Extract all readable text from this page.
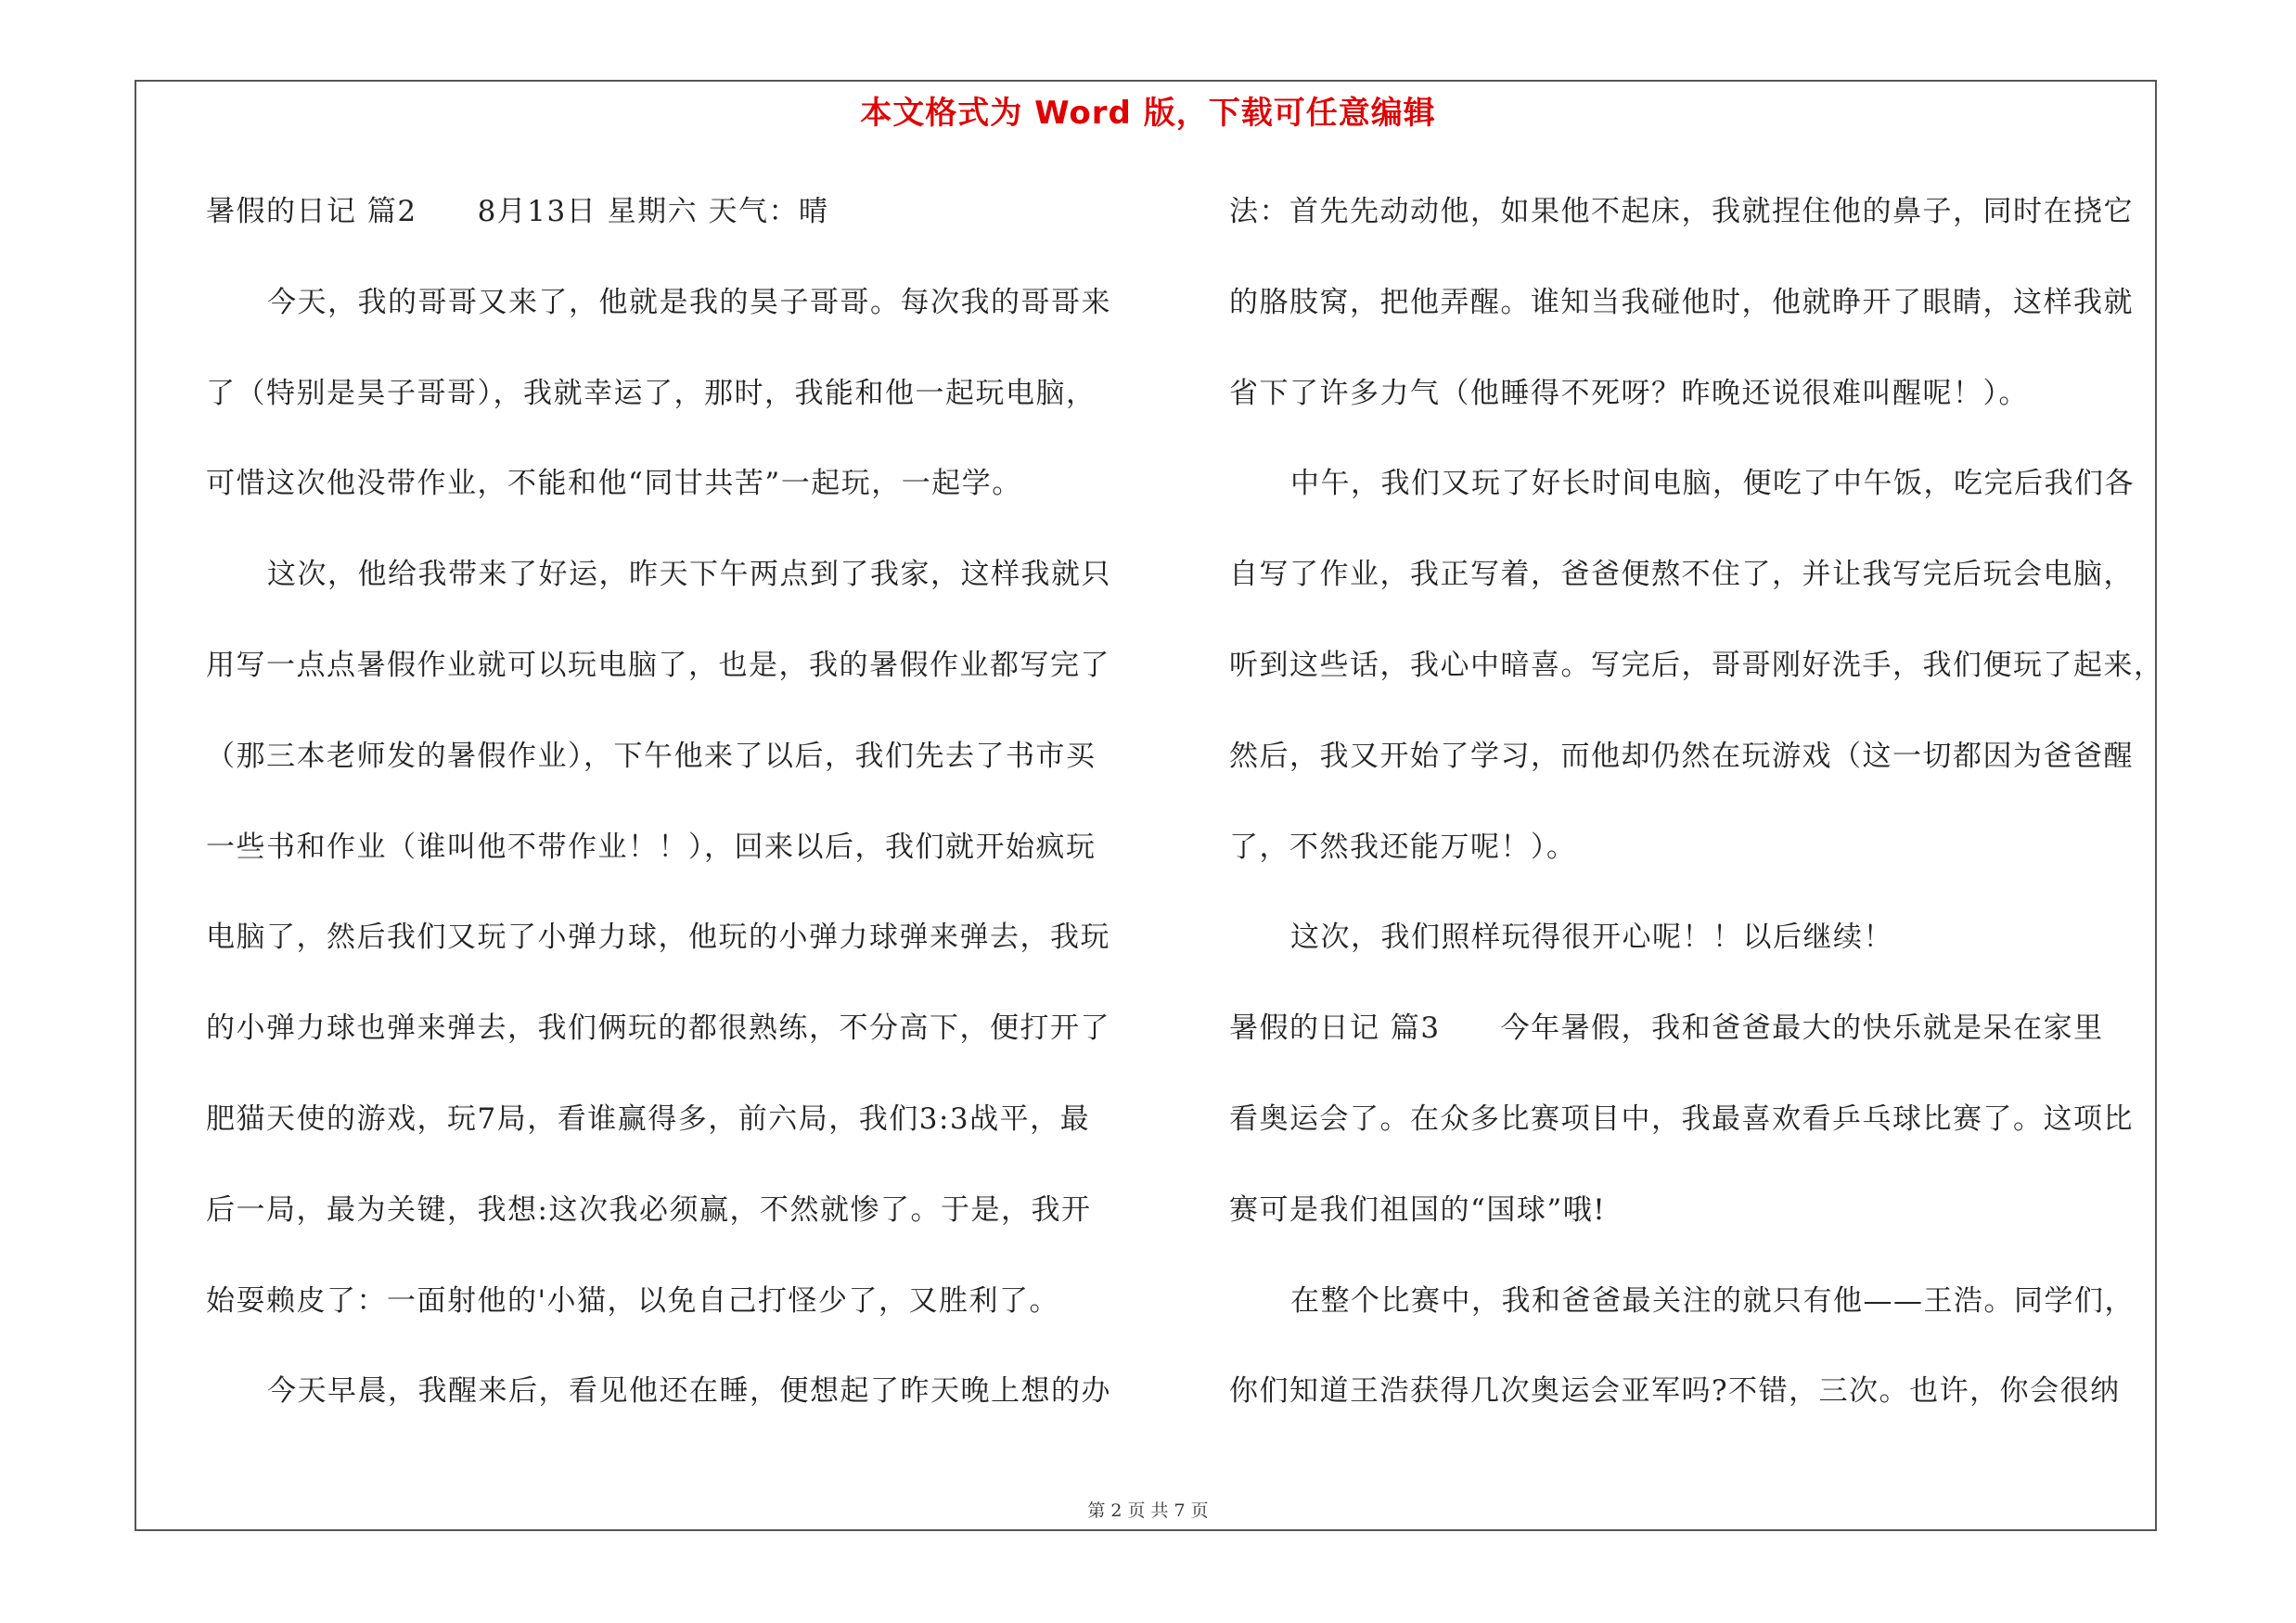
本文格式为 Word 版，下载可任意编辑
暑假的日记 篇2　　8月13日 星期六 天气：晴
今天，我的哥哥又来了，他就是我的昊子哥哥。每次我的哥哥来
了（特别是昊子哥哥），我就幸运了，那时，我能和他一起玩电脑，
可惜这次他没带作业，不能和他“同甘共苦”一起玩，一起学。
这次，他给我带来了好运，昨天下午两点到了我家，这样我就只
用写一点点暑假作业就可以玩电脑了，也是，我的暑假作业都写完了
（那三本老师发的暑假作业），下午他来了以后，我们先去了书市买
一些书和作业（谁叫他不带作业！！），回来以后，我们就开始疯玩
电脑了，然后我们又玩了小弹力球，他玩的小弹力球弹来弹去，我玩
的小弹力球也弹来弹去，我们俩玩的都很熟练，不分高下，便打开了
肥猫天使的游戏，玩7局，看谁赢得多，前六局，我们3:3战平，最
后一局，最为关键，我想:这次我必须赢，不然就惨了。于是，我开
始耍赖皮了：一面射他的'小猫，以免自己打怪少了，又胜利了。
今天早晨，我醒来后，看见他还在睡，便想起了昨天晚上想的办
法：首先先动动他，如果他不起床，我就捏住他的鼻子，同时在挠它
的胳肢窝，把他弄醒。谁知当我碰他时，他就睁开了眼睛，这样我就
省下了许多力气（他睡得不死呀？昨晚还说很难叫醒呢！）。
中午，我们又玩了好长时间电脑，便吃了中午饭，吃完后我们各
自写了作业，我正写着，爸爸便熬不住了，并让我写完后玩会电脑，
听到这些话，我心中暗喜。写完后，哥哥刚好洗手，我们便玩了起来，
然后，我又开始了学习，而他却仍然在玩游戏（这一切都因为爸爸醒
了，不然我还能万呢！）。
这次，我们照样玩得很开心呢！！以后继续！
暑假的日记 篇3　　今年暑假，我和爸爸最大的快乐就是呆在家里
看奥运会了。在众多比赛项目中，我最喜欢看乒乓球比赛了。这项比
赛可是我们祖国的“国球”哦!
在整个比赛中，我和爸爸最关注的就只有他——王浩。同学们，
你们知道王浩获得几次奥运会亚军吗?不错，三次。也许，你会很纳
第 2 页 共 7 页
